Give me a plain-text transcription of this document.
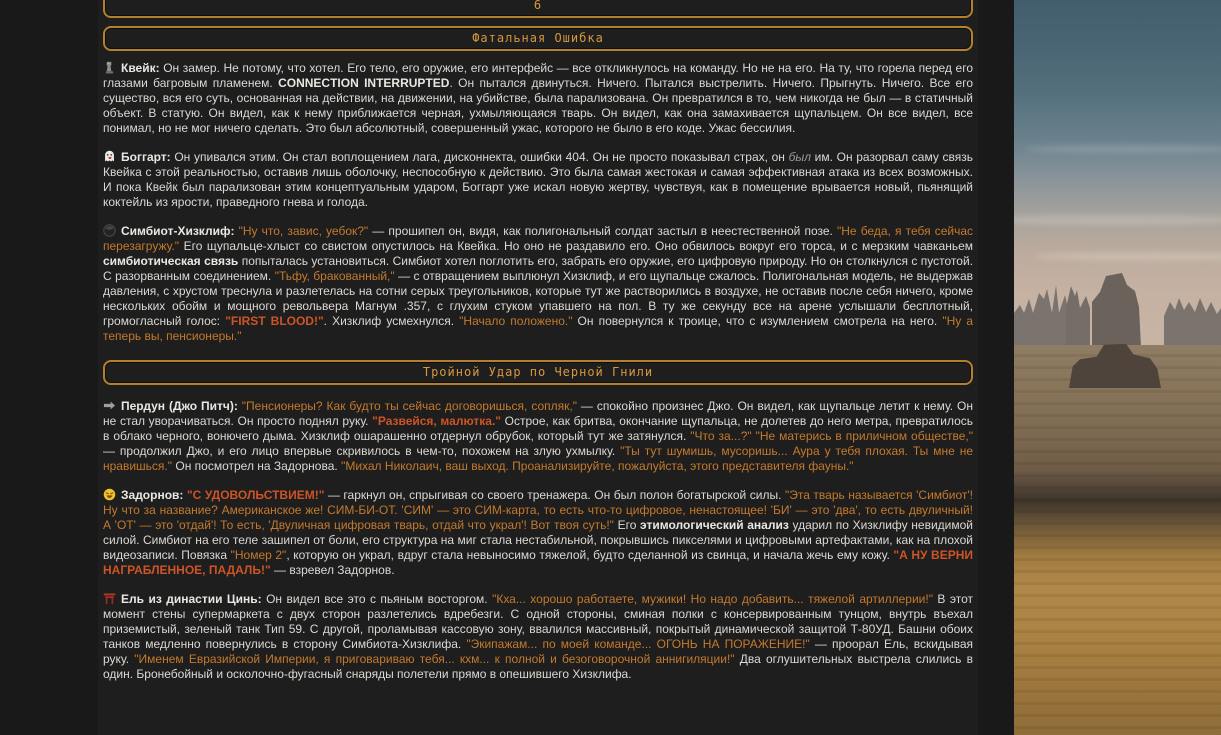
6
Фатальная Ошибка

Квейк: Он замер. Не потому, что хотел. Его тело, его оружие, его интерфейс — все откликнулось на команду. Но не на его. На ту, что горела перед его глазами багровым пламенем. CONNECTION INTERRUPTED. Он пытался двинуться. Ничего. Пытался выстрелить. Ничего. Прыгнуть. Ничего. Все его существо, вся его суть, основанная на действии, на движении, на убийстве, была парализована. Он превратился в то, чем никогда не был — в статичный объект. В статую. Он видел, как к нему приближается черная, ухмыляющаяся тварь. Он видел, как она замахивается щупальцем. Он все видел, все понимал, но не мог ничего сделать. Это был абсолютный, совершенный ужас, которого не было в его коде. Ужас бессилия.

Боггарт: Он упивался этим. Он стал воплощением лага, дисконнекта, ошибки 404. Он не просто показывал страх, он был им. Он разорвал саму связь Квейка с этой реальностью, оставив лишь оболочку, неспособную к действию. Это была самая жестокая и самая эффективная атака из всех возможных. И пока Квейк был парализован этим концептуальным ударом, Боггарт уже искал новую жертву, чувствуя, как в помещение врывается новый, пьянящий коктейль из ярости, праведного гнева и голода.

Симбиот-Хизклиф: "Ну что, завис, уебок?" — прошипел он, видя, как полигональный солдат застыл в неестественной позе. "Не беда, я тебя сейчас перезагружу." Его щупальце-хлыст со свистом опустилось на Квейка. Но оно не раздавило его. Оно обвилось вокруг его торса, и с мерзким чавканьем симбиотическая связь попыталась установиться. Симбиот хотел поглотить его, забрать его оружие, его цифровую природу. Но он столкнулся с пустотой. С разорванным соединением. "Тьфу, бракованный," — с отвращением выплюнул Хизклиф, и его щупальце сжалось. Полигональная модель, не выдержав давления, с хрустом треснула и разлетелась на сотни серых треугольников, которые тут же растворились в воздухе, не оставив после себя ничего, кроме нескольких обойм и мощного револьвера Магнум .357, с глухим стуком упавшего на пол. В ту же секунду все на арене услышали бесплотный, громогласный голос: "FIRST BLOOD!". Хизклиф усмехнулся. "Начало положено." Он повернулся к троице, что с изумлением смотрела на него. "Ну а теперь вы, пенсионеры."

Тройной Удар по Черной Гнили

Пердун (Джо Питч): "Пенсионеры? Как будто ты сейчас договоришься, сопляк," — спокойно произнес Джо. Он видел, как щупальце летит к нему. Он не стал уворачиваться. Он просто поднял руку. "Развейся, малютка." Острое, как бритва, окончание щупальца, не долетев до него метра, превратилось в облако черного, вонючего дыма. Хизклиф ошарашенно отдернул обрубок, который тут же затянулся. "Что за...?" "Не матерись в приличном обществе," — продолжил Джо, и его лицо впервые скривилось в чем-то, похожем на злую ухмылку. "Ты тут шумишь, мусоришь... Аура у тебя плохая. Ты мне не нравишься." Он посмотрел на Задорнова. "Михал Николаич, ваш выход. Проанализируйте, пожалуйста, этого представителя фауны."

Задорнов: "С УДОВОЛЬСТВИЕМ!" — гаркнул он, спрыгивая со своего тренажера. Он был полон богатырской силы. "Эта тварь называется 'Симбиот'! Ну что за название? Американское же! СИМ-БИ-ОТ. 'СИМ' — это СИМ-карта, то есть что-то цифровое, ненастоящее! 'БИ' — это 'два', то есть двуличный! А 'ОТ' — это 'отдай'! То есть, 'Двуличная цифровая тварь, отдай что украл'! Вот твоя суть!" Его этимологический анализ ударил по Хизклифу невидимой силой. Симбиот на его теле зашипел от боли, его структура на миг стала нестабильной, покрывшись пикселями и цифровыми артефактами, как на плохой видеозаписи. Повязка "Номер 2", которую он украл, вдруг стала невыносимо тяжелой, будто сделанной из свинца, и начала жечь ему кожу. "А НУ ВЕРНИ НАГРАБЛЕННОЕ, ПАДАЛЬ!" — взревел Задорнов.

Ель из династии Цинь: Он видел все это с пьяным восторгом. "Кха... хорошо работаете, мужики! Но надо добавить... тяжелой артиллерии!" В этот момент стены супермаркета с двух сторон разлетелись вдребезги. С одной стороны, сминая полки с консервированным тунцом, внутрь въехал приземистый, зеленый танк Тип 59. С другой, проламывая кассовую зону, ввалился массивный, покрытый динамической защитой Т-80УД. Башни обоих танков медленно повернулись в сторону Симбиота-Хизклифа. "Экипажам... по моей команде... ОГОНЬ НА ПОРАЖЕНИЕ!" — проорал Ель, вскидывая руку. "Именем Евразийской Империи, я приговариваю тебя... кхм... к полной и безоговорочной аннигиляции!" Два оглушительных выстрела слились в один. Бронебойный и осколочно-фугасный снаряды полетели прямо в опешившего Хизклифа.
